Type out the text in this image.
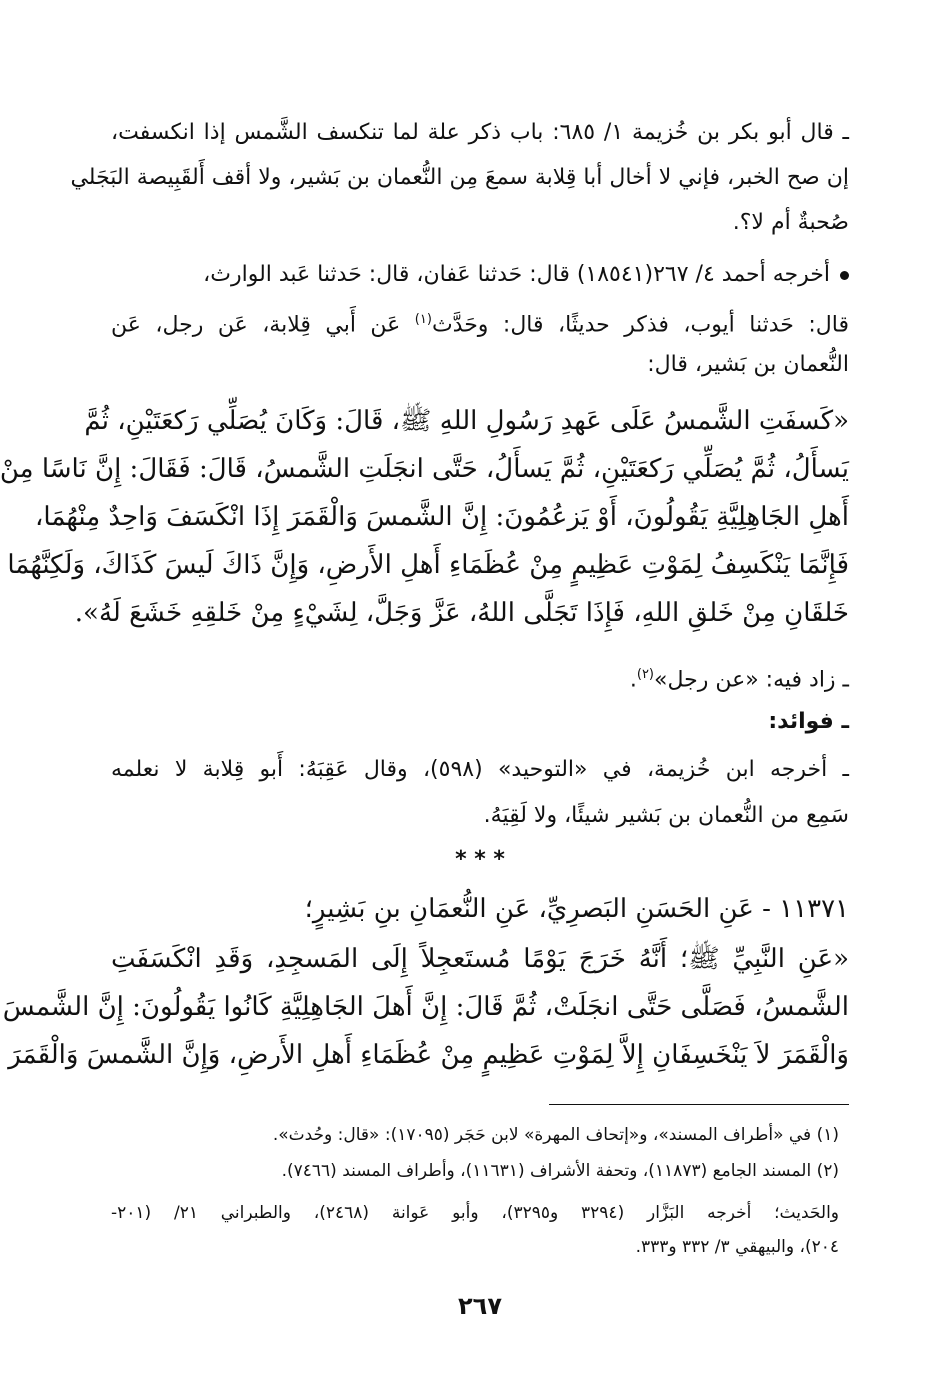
ـ قال أبو بكر بن خُزيمة ١/ ٦٨٥: باب ذكر علة لما تنكسف الشَّمس إذا انكسفت،
إن صح الخبر، فإني لا أخال أبا قِلابة سمعَ مِن النُّعمان بن بَشير، ولا أقف أَلقَبِيصة البَجَلي
صُحبةٌ أم لا؟.
أخرجه أحمد ٤/ ٢٦٧(١٨٥٤١) قال: حَدثنا عَفان، قال: حَدثنا عَبد الوارث،
قال: حَدثنا أيوب، فذكر حديثًا، قال: وحَدَّث$^{(١)}$ عَن أَبي قِلابة، عَن رجل، عَن
النُّعمان بن بَشير، قال:
«كَسفَتِ الشَّمسُ عَلَى عَهدِ رَسُولِ اللهِ ﷺ، قَالَ: وَكَانَ يُصَلِّي رَكعَتَيْنِ، ثُمَّ
يَسأَلُ، ثُمَّ يُصَلِّي رَكعَتَيْنِ، ثُمَّ يَسأَلُ، حَتَّى انجَلَتِ الشَّمسُ، قَالَ: فَقَالَ: إِنَّ نَاسًا مِنْ
أَهلِ الجَاهِلِيَّةِ يَقُولُونَ، أَوْ يَزعُمُونَ: إِنَّ الشَّمسَ وَالْقَمَرَ إِذَا انْكَسَفَ وَاحِدٌ مِنْهُمَا،
فَإِنَّمَا يَنْكَسِفُ لِمَوْتِ عَظِيمٍ مِنْ عُظَمَاءِ أَهلِ الأَرضِ، وَإِنَّ ذَاكَ لَيسَ كَذَاكَ، وَلَكِنَّهُمَا
خَلقَانِ مِنْ خَلقِ اللهِ، فَإِذَا تَجَلَّى اللهُ، عَزَّ وَجَلَّ، لِشَيْءٍ مِنْ خَلقِهِ خَشَعَ لَهُ».
ـ زاد فيه: «عن رجل»$^{(٢)}$.
ـ فوائد:
ـ أخرجه ابن خُزيمة، في «التوحيد» (٥٩٨)، وقال عَقِبَهُ: أَبو قِلابة لا نعلمه
سَمِع من النُّعمان بن بَشير شيئًا، ولا لَقِيَهُ.
* * *
١١٣٧١ - عَنِ الحَسَنِ البَصرِيِّ، عَنِ النُّعمَانِ بنِ بَشِيرٍ؛
«عَنِ النَّبِيِّ ﷺ؛ أَنَّهُ خَرَجَ يَوْمًا مُستَعجِلاً إِلَى المَسجِدِ، وَقَدِ انْكَسَفَتِ
الشَّمسُ، فَصَلَّى حَتَّى انجَلَتْ، ثُمَّ قَالَ: إِنَّ أَهلَ الجَاهِلِيَّةِ كَانُوا يَقُولُونَ: إِنَّ الشَّمسَ
وَالْقَمَرَ لاَ يَنْخَسِفَانِ إِلاَّ لِمَوْتِ عَظِيمٍ مِنْ عُظَمَاءِ أَهلِ الأَرضِ، وَإِنَّ الشَّمسَ وَالْقَمَرَ
(١) في «أطراف المسند»، و«إتحاف المهرة» لابن حَجَر (١٧٠٩٥): «قال: وحُدث».
(٢) المسند الجامع (١١٨٧٣)، وتحفة الأشراف (١١٦٣١)، وأطراف المسند (٧٤٦٦).
والحَديث؛ أخرجه البَزَّار (٣٢٩٤ و٣٢٩٥)، وأبو عَوانة (٢٤٦٨)، والطبراني ٢١/ (٢٠١-
٢٠٤)، والبيهقي ٣/ ٣٣٢ و٣٣٣.
٢٦٧
